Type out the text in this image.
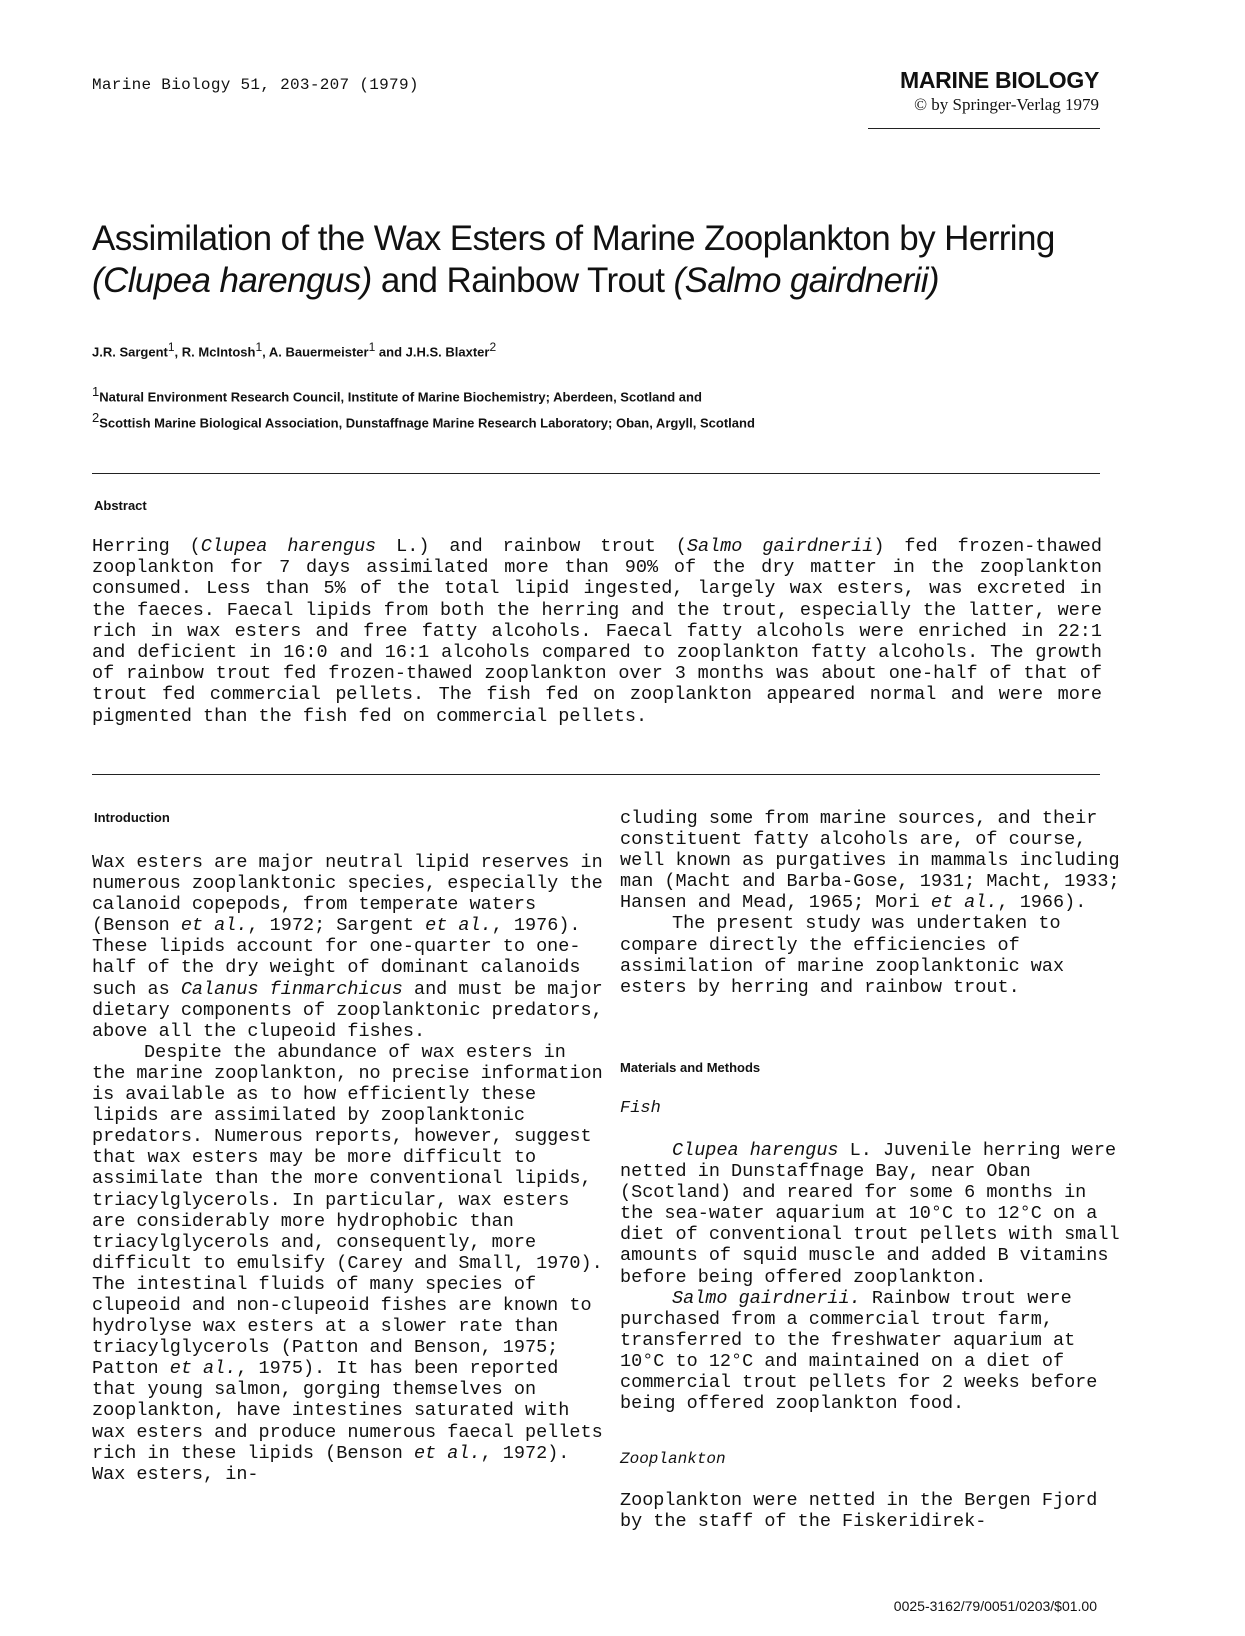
Marine Biology 51, 203-207 (1979)	MARINE BIOLOGY
© by Springer-Verlag 1979
Assimilation of the Wax Esters of Marine Zooplankton by Herring
(Clupea harengus) and Rainbow Trout (Salmo gairdnerii)
J.R. Sargent$^1$, R. McIntosh$^1$, A. Bauermeister$^1$ and J.H.S. Blaxter$^2$
$^1$Natural Environment Research Council, Institute of Marine Biochemistry; Aberdeen, Scotland and
$^2$Scottish Marine Biological Association, Dunstaffnage Marine Research Laboratory; Oban, Argyll, Scotland
Abstract

Herring (Clupea harengus L.) and rainbow trout (Salmo gairdnerii) fed frozen-thawed zooplankton for 7 days assimilated more than 90% of the dry matter in the zooplankton consumed. Less than 5% of the total lipid ingested, largely wax esters, was excreted in the faeces. Faecal lipids from both the herring and the trout, especially the latter, were rich in wax esters and free fatty alcohols. Faecal fatty alcohols were enriched in 22:1 and deficient in 16:0 and 16:1 alcohols compared to zooplankton fatty alcohols. The growth of rainbow trout fed frozen-thawed zooplankton over 3 months was about one-half of that of trout fed commercial pellets. The fish fed on zooplankton appeared normal and were more pigmented than the fish fed on commercial pellets.

Introduction

Wax esters are major neutral lipid reserves in numerous zooplanktonic species, especially the calanoid copepods, from temperate waters (Benson et al., 1972; Sargent et al., 1976). These lipids account for one-quarter to one-half of the dry weight of dominant calanoids such as Calanus finmarchicus and must be major dietary components of zooplanktonic predators, above all the clupeoid fishes.

Despite the abundance of wax esters in the marine zooplankton, no precise information is available as to how efficiently these lipids are assimilated by zooplanktonic predators. Numerous reports, however, suggest that wax esters may be more difficult to assimilate than the more conventional lipids, triacylglycerols. In particular, wax esters are considerably more hydrophobic than triacylglycerols and, consequently, more difficult to emulsify (Carey and Small, 1970). The intestinal fluids of many species of clupeoid and non-clupeoid fishes are known to hydrolyse wax esters at a slower rate than triacylglycerols (Patton and Benson, 1975; Patton et al., 1975). It has been reported that young salmon, gorging themselves on zooplankton, have intestines saturated with wax esters and produce numerous faecal pellets rich in these lipids (Benson et al., 1972). Wax esters, in-

cluding some from marine sources, and their constituent fatty alcohols are, of course, well known as purgatives in mammals including man (Macht and Barba-Gose, 1931; Macht, 1933; Hansen and Mead, 1965; Mori et al., 1966).

The present study was undertaken to compare directly the efficiencies of assimilation of marine zooplanktonic wax esters by herring and rainbow trout.

Materials and Methods
Fish

Clupea harengus L. Juvenile herring were netted in Dunstaffnage Bay, near Oban (Scotland) and reared for some 6 months in the sea-water aquarium at 10°C to 12°C on a diet of conventional trout pellets with small amounts of squid muscle and added B vitamins before being offered zooplankton.

Salmo gairdnerii. Rainbow trout were purchased from a commercial trout farm, transferred to the freshwater aquarium at 10°C to 12°C and maintained on a diet of commercial trout pellets for 2 weeks before being offered zooplankton food.

Zooplankton

Zooplankton were netted in the Bergen Fjord by the staff of the Fiskeridirek-

0025-3162/79/0051/0203/$01.00
